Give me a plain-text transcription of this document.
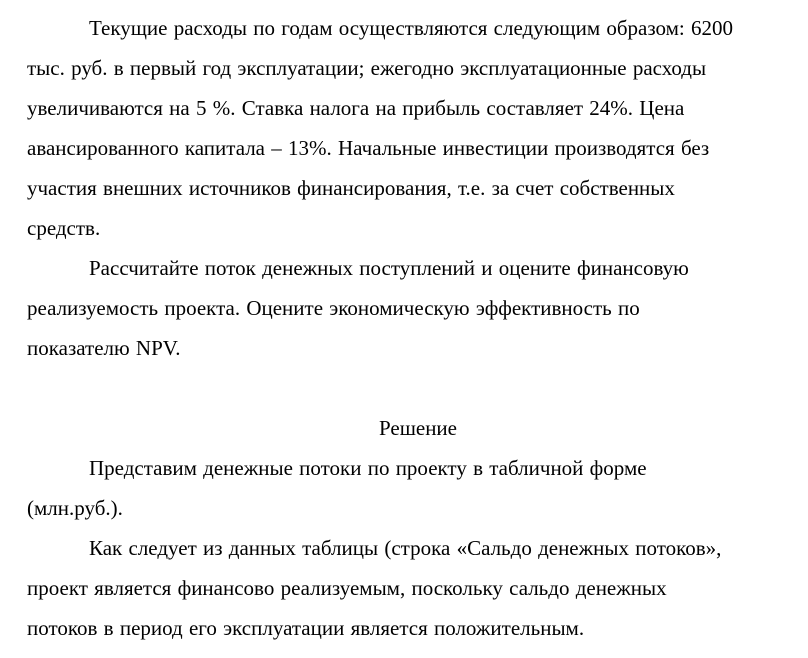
Текущие расходы по годам осуществляются следующим образом: 6200
тыс. руб. в первый год эксплуатации; ежегодно эксплуатационные расходы
увеличиваются на 5 %. Ставка налога на прибыль составляет 24%. Цена
авансированного капитала – 13%. Начальные инвестиции производятся без
участия внешних источников финансирования, т.е. за счет собственных
средств.
Рассчитайте поток денежных поступлений и оцените финансовую
реализуемость проекта. Оцените экономическую эффективность по
показателю NPV.
Решение
Представим денежные потоки по проекту в табличной форме
(млн.руб.).
Как следует из данных таблицы (строка «Сальдо денежных потоков»,
проект является финансово реализуемым, поскольку сальдо денежных
потоков в период его эксплуатации является положительным.
